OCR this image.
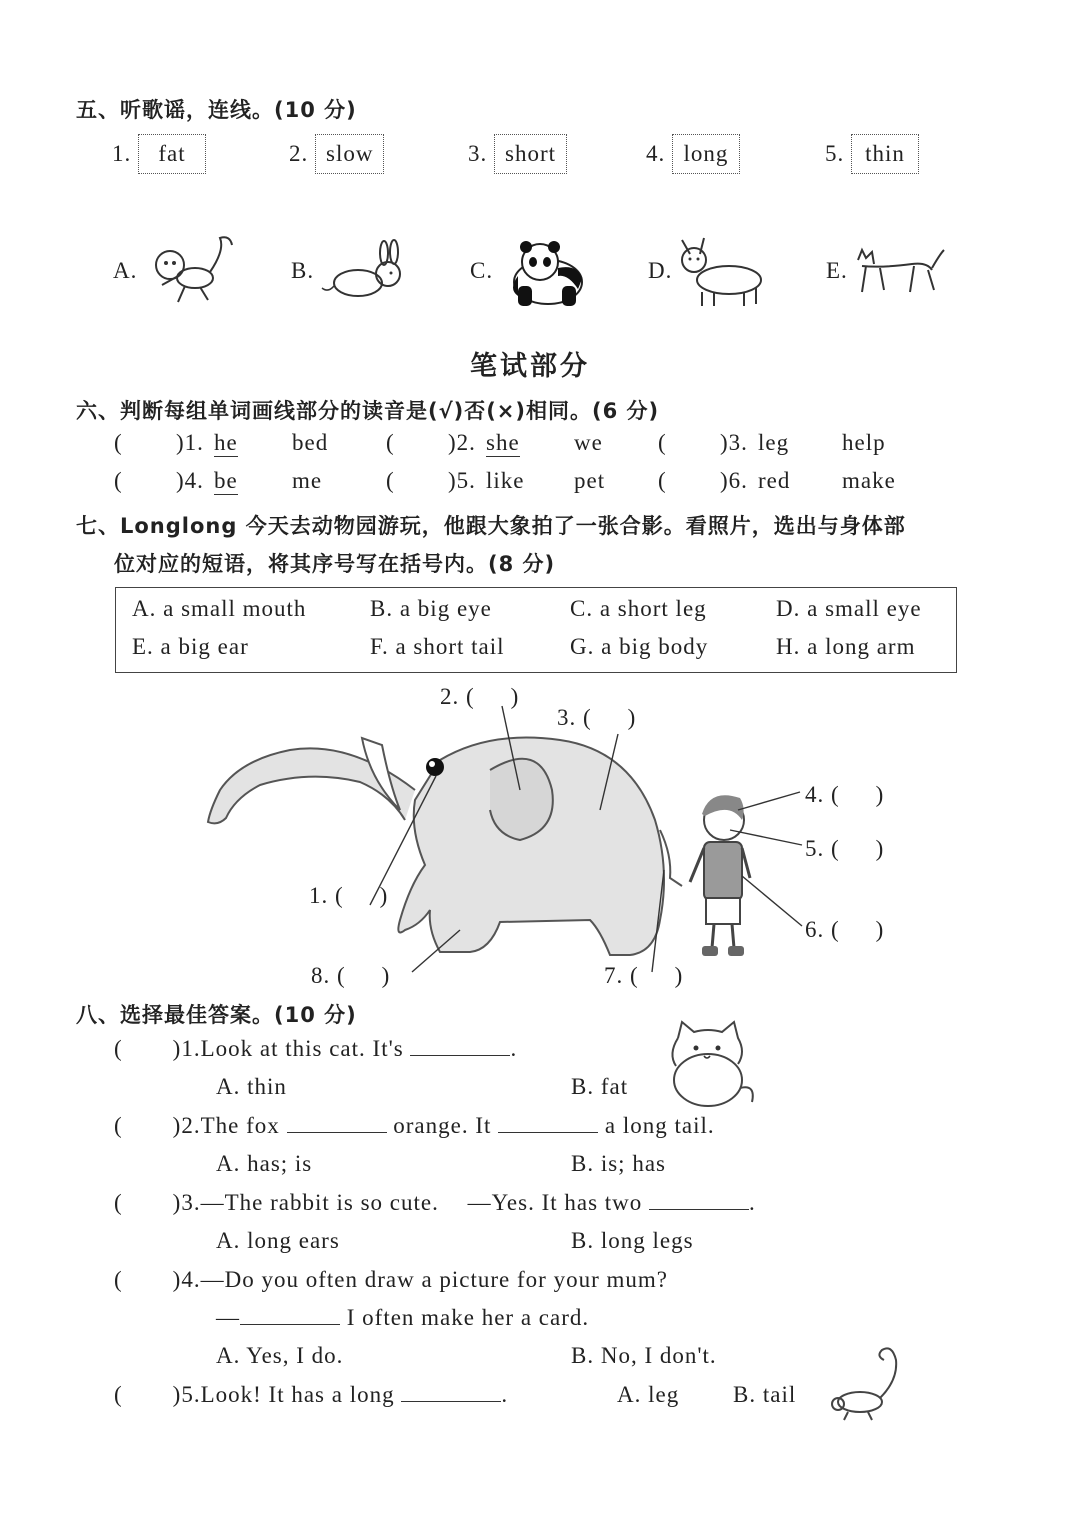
五、听歌谣，连线。(10 分)
1. fat	2. slow	3. short	4. long	5. thin
A.	B.	C.	D.	E.
笔试部分
六、判断每组单词画线部分的读音是(√)否(×)相同。(6 分)
( )1. he bed	( )2. she we ( )3. leg help
( )4. be me	( )5. like pet ( )6. red make
七、Longlong 今天去动物园游玩，他跟大象拍了一张合影。看照片，选出与身体部
位对应的短语，将其序号写在括号内。(8 分)
A. a small mouth	B. a big eye	C. a short leg	D. a small eye
E. a big ear	F. a short tail	G. a big body	H. a long arm
2. ( )
3. ( )
4. ( )
5. ( )
1. ( )
6. ( )
8. ( )	7. ( )
八、选择最佳答案。(10 分)
( )1.Look at this cat. It's	.
A. thin	B. fat
( )2.The fox	orange. It	a long tail.
A. has; is	B. is; has
( )3.—The rabbit is so cute. —Yes. It has two	.
A. long ears	B. long legs
( )4.—Do you often draw a picture for your mum?
—	I often make her a card.
A. Yes, I do.	B. No, I don't.
( )5.Look! It has a long	.	A. leg B. tail
